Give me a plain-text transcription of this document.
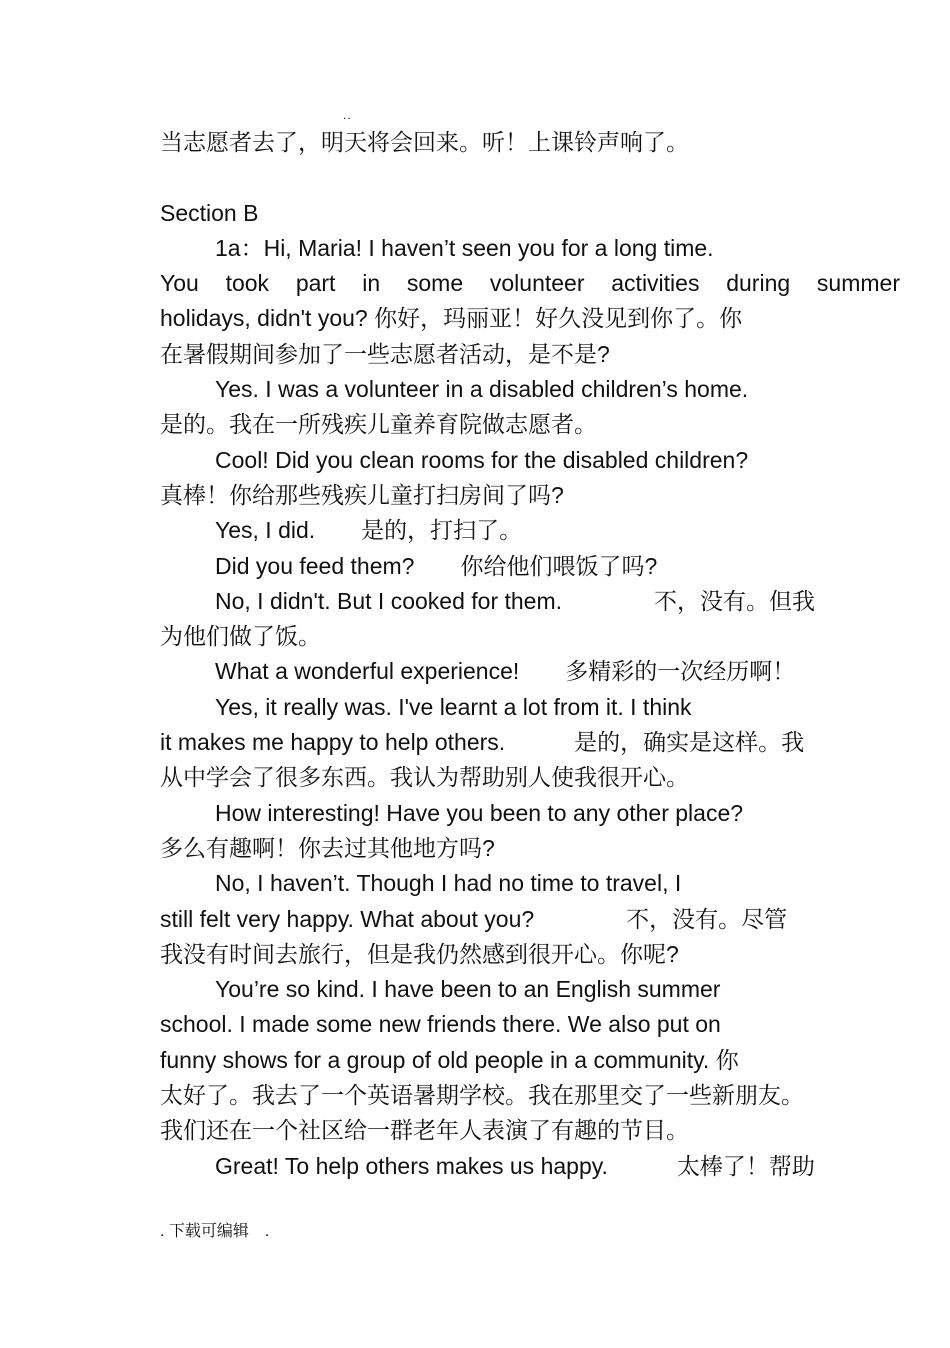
..
当志愿者去了，明天将会回来。听！上课铃声响了。
Section B
1a：Hi, Maria! I haven’t seen you for a long time.
You took part in some volunteer activities during summer
holidays, didn't you? 你好，玛丽亚！好久没见到你了。你
在暑假期间参加了一些志愿者活动，是不是?
Yes. I was a volunteer in a disabled children’s home.
是的。我在一所残疾儿童养育院做志愿者。
Cool! Did you clean rooms for the disabled children?
真棒！你给那些残疾儿童打扫房间了吗?
Yes, I did.　　是的，打扫了。
Did you feed them?　　你给他们喂饭了吗?
No, I didn't. But I cooked for them.　　　　不，没有。但我
为他们做了饭。
What a wonderful experience!　　多精彩的一次经历啊！
Yes, it really was. I've learnt a lot from it. I think
it makes me happy to help others.　　　是的，确实是这样。我
从中学会了很多东西。我认为帮助别人使我很开心。
How interesting! Have you been to any other place?
多么有趣啊！你去过其他地方吗?
No, I haven’t. Though I had no time to travel, I
still felt very happy. What about you?　　　　不，没有。尽管
我没有时间去旅行，但是我仍然感到很开心。你呢?
You’re so kind. I have been to an English summer
school. I made some new friends there. We also put on
funny shows for a group of old people in a community. 你
太好了。我去了一个英语暑期学校。我在那里交了一些新朋友。
我们还在一个社区给一群老年人表演了有趣的节目。
Great! To help others makes us happy.　　　太棒了！帮助
. 下载可编辑　.
